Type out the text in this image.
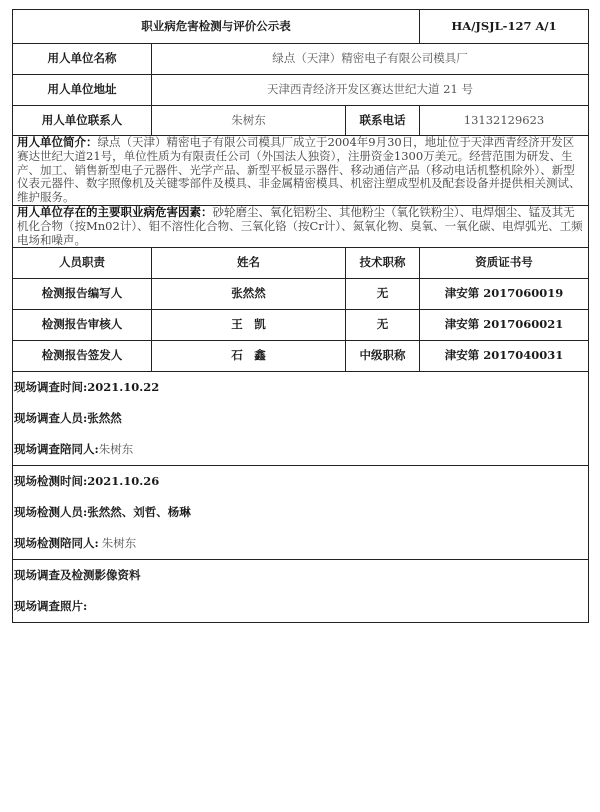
职业病危害检测与评价公示表			HA/JSJL-127 A/1
用人单位名称	绿点（天津）精密电子有限公司模具厂		
用人单位地址	天津西青经济开发区赛达世纪大道 21 号		
用人单位联系人	朱树东	联系电话	13132129623
用人单位简介：绿点（天津）精密电子有限公司模具厂成立于2004年9月30日，地址位于天津西青经济开发区赛达世纪大道21号，单位性质为有限责任公司（外国法人独资），注册资金1300万美元。经营范围为研发、生产、加工、销售新型电子元器件、光学产品、新型平板显示器件、移动通信产品（移动电话机整机除外）、新型仪表元器件、数字照像机及关键零部件及模具、非金属精密模具、机密注塑成型机及配套设备并提供相关测试、维护服务。			
用人单位存在的主要职业病危害因素：砂轮磨尘、氧化铝粉尘、其他粉尘（氧化铁粉尘）、电焊烟尘、锰及其无机化合物（按Mn02计）、钼不溶性化合物、三氧化铬（按Cr计）、氮氧化物、臭氧、一氧化碳、电焊弧光、工频电场和噪声。			
人员职责	姓名	技术职称	资质证书号
检测报告编写人	张然然	无	津安第 2017060019
检测报告审核人	王　凯	无	津安第 2017060021
检测报告签发人	石　鑫	中级职称	津安第 2017040031

现场调查时间:2021.10.22
现场调查人员:张然然
现场调查陪同人:朱树东			

现场检测时间:2021.10.26
现场检测人员:张然然、刘哲、杨琳
现场检测陪同人: 朱树东			

现场调查及检测影像资料
现场调查照片:			
